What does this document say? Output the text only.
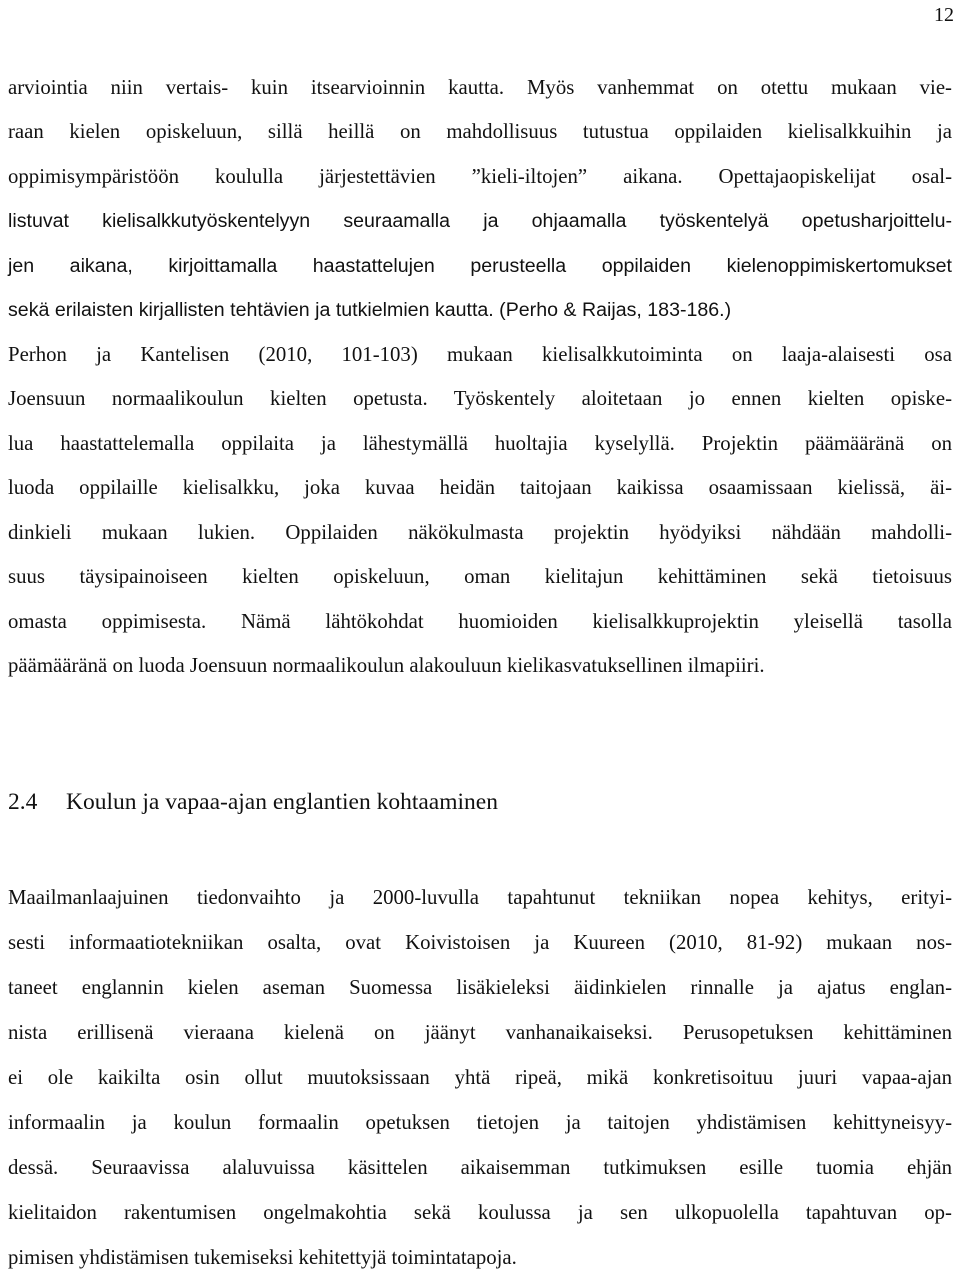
12
arviointia niin vertais- kuin itsearvioinnin kautta. Myös vanhemmat on otettu mukaan vie-
raan kielen opiskeluun, sillä heillä on mahdollisuus tutustua oppilaiden kielisalkkuihin ja
oppimisympäristöön koululla järjestettävien ”kieli-iltojen” aikana. Opettajaopiskelijat osal-
listuvat kielisalkkutyöskentelyyn seuraamalla ja ohjaamalla työskentelyä opetusharjoittelu-
jen aikana, kirjoittamalla haastattelujen perusteella oppilaiden kielenoppimiskertomukset
sekä erilaisten kirjallisten tehtävien ja tutkielmien kautta. (Perho & Raijas, 183-186.)
Perhon ja Kantelisen (2010, 101-103) mukaan kielisalkkutoiminta on laaja-alaisesti osa
Joensuun normaalikoulun kielten opetusta. Työskentely aloitetaan jo ennen kielten opiske-
lua haastattelemalla oppilaita ja lähestymällä huoltajia kyselyllä. Projektin päämääränä on
luoda oppilaille kielisalkku, joka kuvaa heidän taitojaan kaikissa osaamissaan kielissä, äi-
dinkieli mukaan lukien. Oppilaiden näkökulmasta projektin hyödyiksi nähdään mahdolli-
suus täysipainoiseen kielten opiskeluun, oman kielitajun kehittäminen sekä tietoisuus
omasta oppimisesta. Nämä lähtökohdat huomioiden kielisalkkuprojektin yleisellä tasolla
päämääränä on luoda Joensuun normaalikoulun alakouluun kielikasvatuksellinen ilmapiiri.
2.4 Koulun ja vapaa-ajan englantien kohtaaminen
Maailmanlaajuinen tiedonvaihto ja 2000-luvulla tapahtunut tekniikan nopea kehitys, erityi-
sesti informaatiotekniikan osalta, ovat Koivistoisen ja Kuureen (2010, 81-92) mukaan nos-
taneet englannin kielen aseman Suomessa lisäkieleksi äidinkielen rinnalle ja ajatus englan-
nista erillisenä vieraana kielenä on jäänyt vanhanaikaiseksi. Perusopetuksen kehittäminen
ei ole kaikilta osin ollut muutoksissaan yhtä ripeä, mikä konkretisoituu juuri vapaa-ajan
informaalin ja koulun formaalin opetuksen tietojen ja taitojen yhdistämisen kehittyneisyy-
dessä. Seuraavissa alaluvuissa käsittelen aikaisemman tutkimuksen esille tuomia ehjän
kielitaidon rakentumisen ongelmakohtia sekä koulussa ja sen ulkopuolella tapahtuvan op-
pimisen yhdistämisen tukemiseksi kehitettyjä toimintatapoja.
